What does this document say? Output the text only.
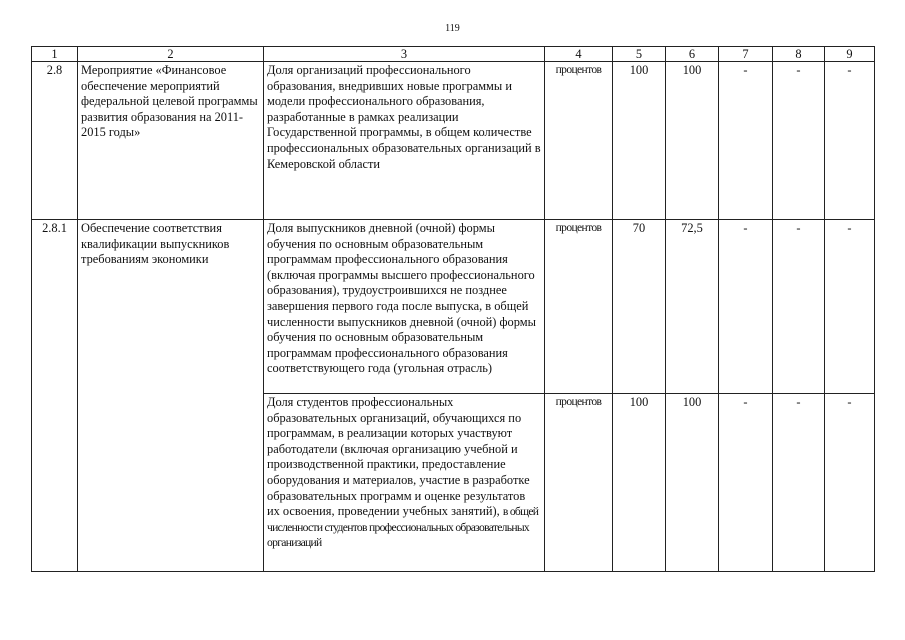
119
1	2	3	4	5	6	7	8	9
2.8	Мероприятие «Финансовое обеспечение мероприятий федеральной целевой программы развития образования на 2011- 2015 годы»	Доля организаций профессионального образования, внедривших новые программы и модели профессионального образования, разработанные в рамках реализации Государственной программы, в общем количестве профессиональных образовательных организаций в Кемеровской области	процентов	100	100	-	-	-
2.8.1	Обеспечение соответствия квалификации выпускников требованиям экономики	Доля выпускников дневной (очной) формы обучения по основным образовательным программам профессионального образования (включая программы высшего профессионального образования), трудоустроившихся не позднее завершения первого года после выпуска, в общей численности выпускников дневной (очной) формы обучения по основным образовательным программам профессионального образования соответствующего года (угольная отрасль)	процентов	70	72,5	-	-	-
		Доля студентов профессиональных образовательных организаций, обучающихся по программам, в реализации которых участвуют работодатели (включая организацию учебной и производственной практики, предоставление оборудования и материалов, участие в разработке образовательных программ и оценке результатов их освоения, проведении учебных занятий), в общей численности студентов профессиональных образовательных организаций	процентов	100	100	-	-	-
